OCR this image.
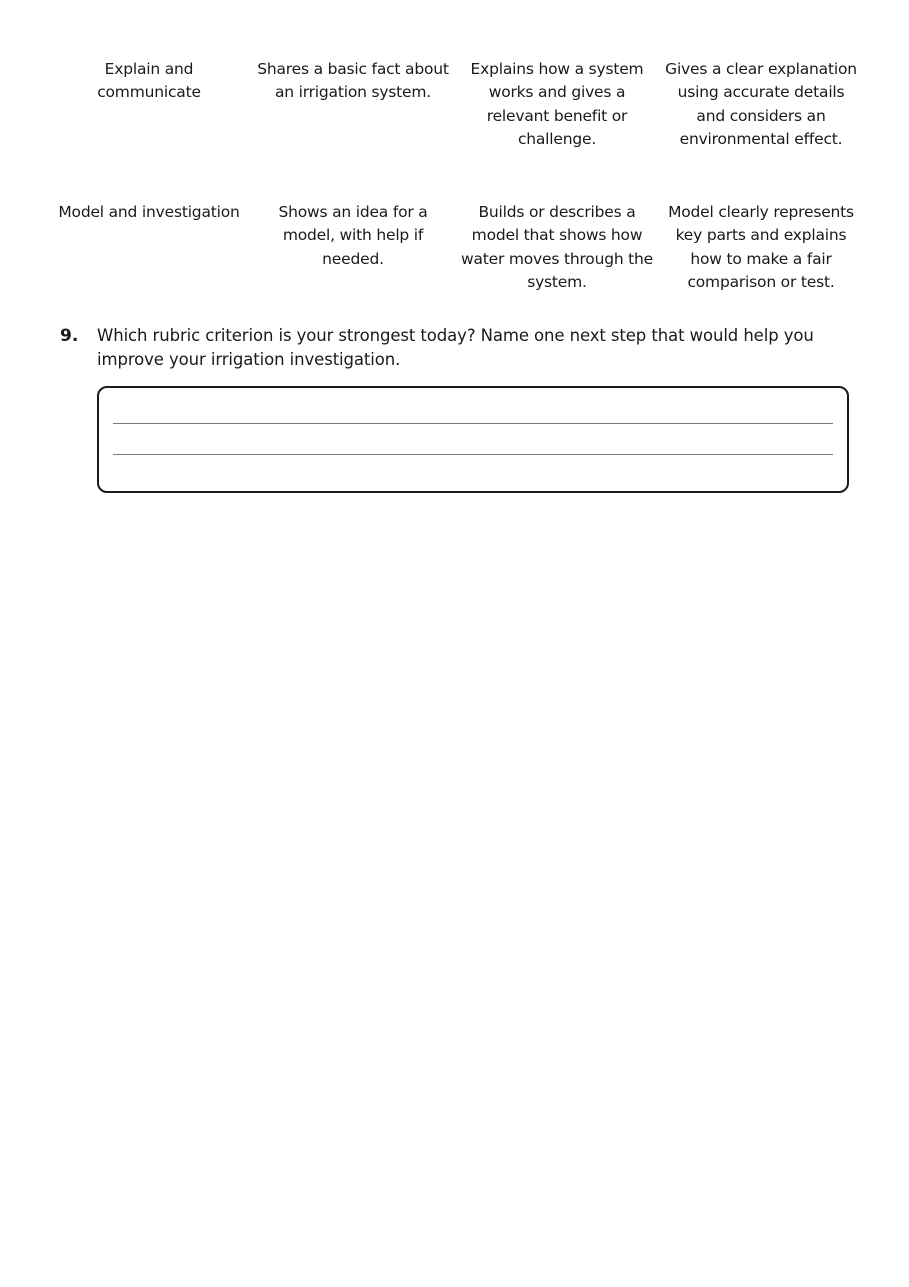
Explain and communicate
Shares a basic fact about an irrigation system.
Explains how a system works and gives a relevant benefit or challenge.
Gives a clear explanation using accurate details and considers an environmental effect.
Model and investigation	Shows an idea for a model, with help if needed.
Builds or describes a model that shows how water moves through the system.
Model clearly represents key parts and explains how to make a fair comparison or test.
9. Which rubric criterion is your strongest today? Name one next step that would help you improve your irrigation investigation.
